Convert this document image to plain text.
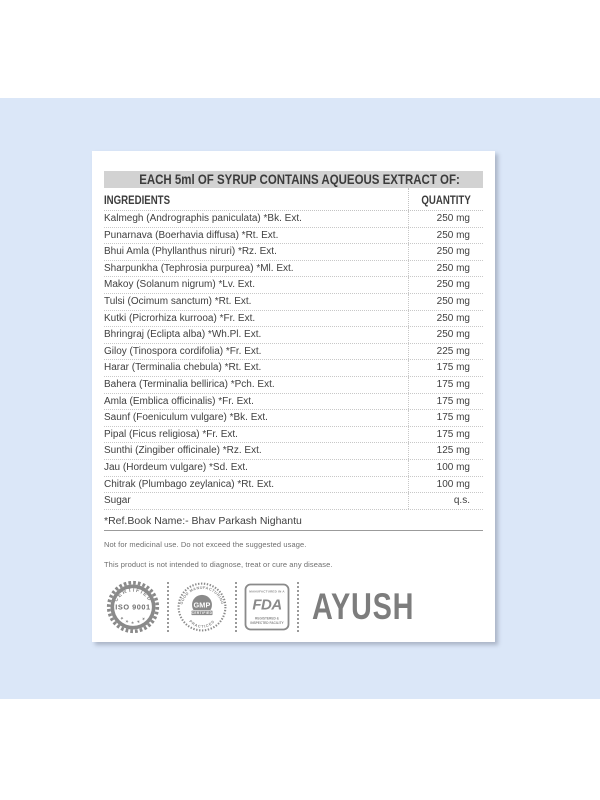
EACH 5ml OF SYRUP CONTAINS AQUEOUS EXTRACT OF:
INGREDIENTS	QUANTITY
Kalmegh (Andrographis paniculata) *Bk. Ext.	250 mg
Punarnava (Boerhavia diffusa) *Rt. Ext.	250 mg
Bhui Amla (Phyllanthus niruri) *Rz. Ext.	250 mg
Sharpunkha (Tephrosia purpurea) *Ml. Ext.	250 mg
Makoy (Solanum nigrum) *Lv. Ext.	250 mg
Tulsi (Ocimum sanctum) *Rt. Ext.	250 mg
Kutki (Picrorhiza kurrooa) *Fr. Ext.	250 mg
Bhringraj (Eclipta alba) *Wh.Pl. Ext.	250 mg
Giloy (Tinospora cordifolia) *Fr. Ext.	225 mg
Harar (Terminalia chebula) *Rt. Ext.	175 mg
Bahera (Terminalia bellirica) *Pch. Ext.	175 mg
Amla (Emblica officinalis) *Fr. Ext.	175 mg
Saunf (Foeniculum vulgare) *Bk. Ext.	175 mg
Pipal (Ficus religiosa) *Fr. Ext.	175 mg
Sunthi (Zingiber officinale) *Rz. Ext.	125 mg
Jau (Hordeum vulgare) *Sd. Ext.	100 mg
Chitrak (Plumbago zeylanica) *Rt. Ext.	100 mg
Sugar	q.s.
*Ref.Book Name:- Bhav Parkash Nighantu
Not for medicinal use. Do not exceed the suggested usage.
This product is not intended to diagnose, treat or cure any disease.
CERTIFIED
ISO 9001
★ ★ ★ ★ ★
GOOD MANUFACTURING
GMP
CERTIFIED
PRACTICES
MANUFACTURED IN A
FDA
REGISTERED &
INSPECTED FACILITY AYUSH
